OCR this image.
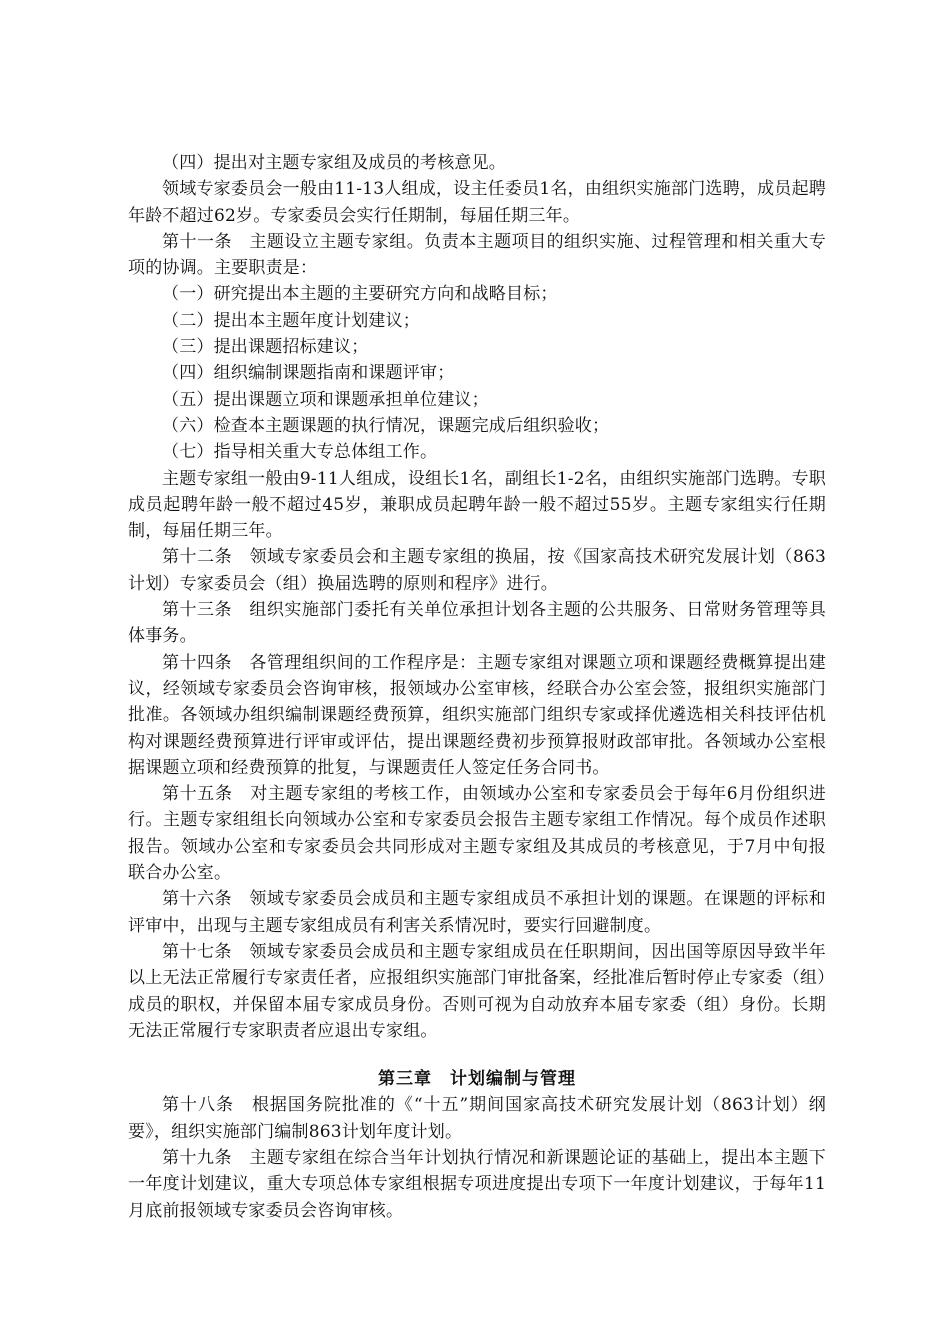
（四）提出对主题专家组及成员的考核意见。

领域专家委员会一般由11-13人组成，设主任委员1名，由组织实施部门选聘，成员起聘年龄不超过62岁。专家委员会实行任期制，每届任期三年。

第十一条　主题设立主题专家组。负责本主题项目的组织实施、过程管理和相关重大专项的协调。主要职责是：

（一）研究提出本主题的主要研究方向和战略目标；

（二）提出本主题年度计划建议；

（三）提出课题招标建议；

（四）组织编制课题指南和课题评审；

（五）提出课题立项和课题承担单位建议；

（六）检查本主题课题的执行情况，课题完成后组织验收；

（七）指导相关重大专总体组工作。

主题专家组一般由9-11人组成，设组长1名，副组长1-2名，由组织实施部门选聘。专职成员起聘年龄一般不超过45岁，兼职成员起聘年龄一般不超过55岁。主题专家组实行任期制，每届任期三年。

第十二条　领域专家委员会和主题专家组的换届，按《国家高技术研究发展计划（863计划）专家委员会（组）换届选聘的原则和程序》进行。

第十三条　组织实施部门委托有关单位承担计划各主题的公共服务、日常财务管理等具体事务。

第十四条　各管理组织间的工作程序是：主题专家组对课题立项和课题经费概算提出建议，经领域专家委员会咨询审核，报领域办公室审核，经联合办公室会签，报组织实施部门批准。各领域办组织编制课题经费预算，组织实施部门组织专家或择优遴选相关科技评估机构对课题经费预算进行评审或评估，提出课题经费初步预算报财政部审批。各领域办公室根据课题立项和经费预算的批复，与课题责任人签定任务合同书。

第十五条　对主题专家组的考核工作，由领域办公室和专家委员会于每年6月份组织进行。主题专家组组长向领域办公室和专家委员会报告主题专家组工作情况。每个成员作述职报告。领域办公室和专家委员会共同形成对主题专家组及其成员的考核意见，于7月中旬报联合办公室。

第十六条　领域专家委员会成员和主题专家组成员不承担计划的课题。在课题的评标和评审中，出现与主题专家组成员有利害关系情况时，要实行回避制度。

第十七条　领域专家委员会成员和主题专家组成员在任职期间，因出国等原因导致半年以上无法正常履行专家责任者，应报组织实施部门审批备案，经批准后暂时停止专家委（组）成员的职权，并保留本届专家成员身份。否则可视为自动放弃本届专家委（组）身份。长期无法正常履行专家职责者应退出专家组。

第三章　计划编制与管理

第十八条　根据国务院批准的《“十五”期间国家高技术研究发展计划（863计划）纲要》，组织实施部门编制863计划年度计划。

第十九条　主题专家组在综合当年计划执行情况和新课题论证的基础上，提出本主题下一年度计划建议，重大专项总体专家组根据专项进度提出专项下一年度计划建议，于每年11月底前报领域专家委员会咨询审核。
